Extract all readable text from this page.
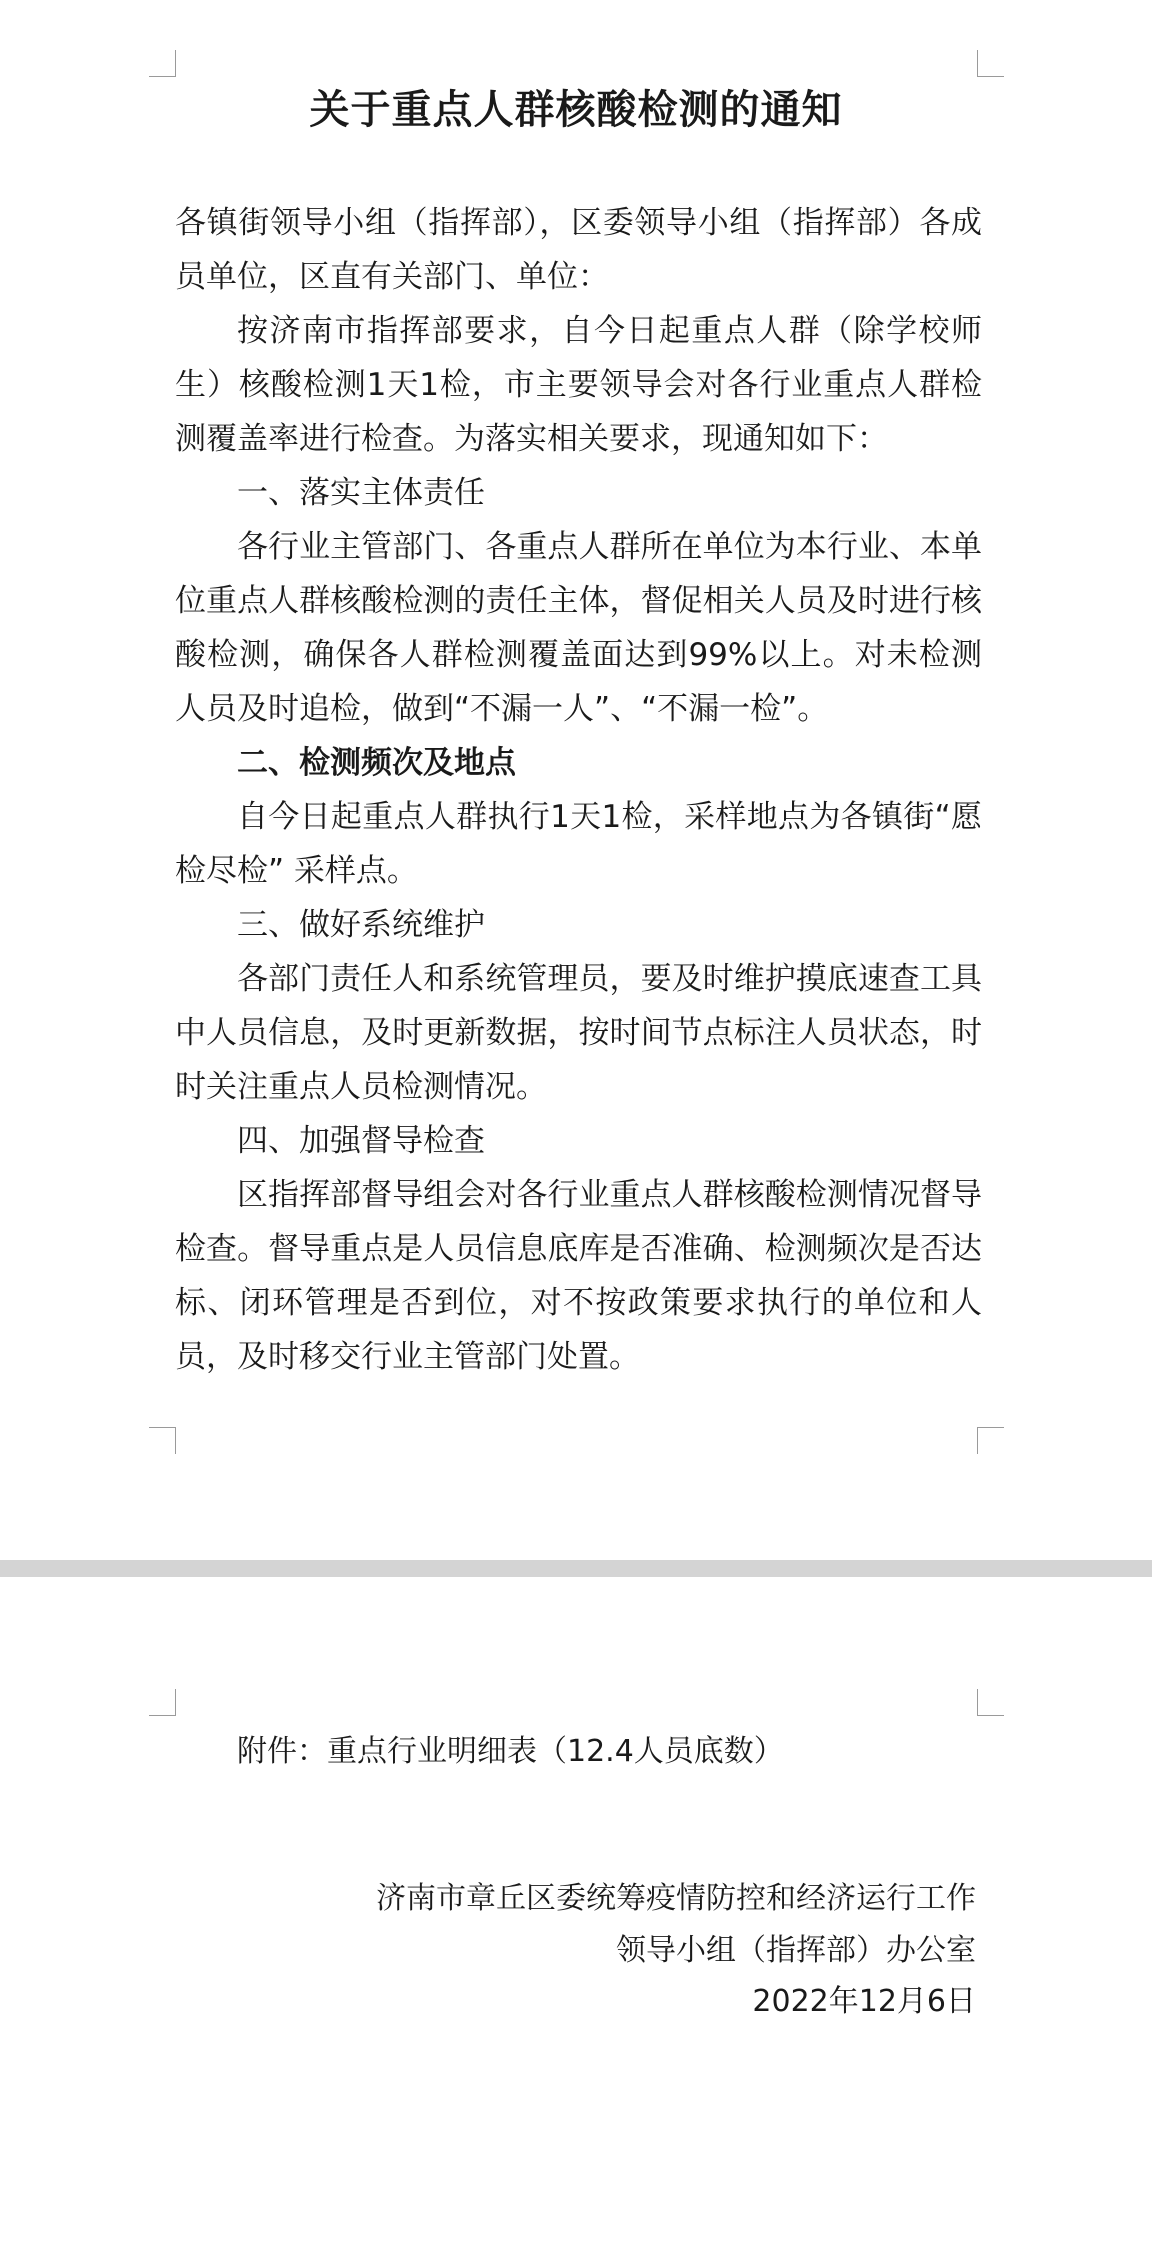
关于重点人群核酸检测的通知

各镇街领导小组（指挥部），区委领导小组（指挥部）各成员单位，区直有关部门、单位：

按济南市指挥部要求，自今日起重点人群（除学校师生）核酸检测1天1检，市主要领导会对各行业重点人群检测覆盖率进行检查。为落实相关要求，现通知如下：

一、落实主体责任

各行业主管部门、各重点人群所在单位为本行业、本单位重点人群核酸检测的责任主体，督促相关人员及时进行核酸检测，确保各人群检测覆盖面达到99%以上。对未检测人员及时追检，做到“不漏一人”、“不漏一检”。

二、检测频次及地点

自今日起重点人群执行1天1检，采样地点为各镇街“愿检尽检” 采样点。

三、做好系统维护

各部门责任人和系统管理员，要及时维护摸底速查工具中人员信息，及时更新数据，按时间节点标注人员状态，时时关注重点人员检测情况。

四、加强督导检查

区指挥部督导组会对各行业重点人群核酸检测情况督导检查。督导重点是人员信息底库是否准确、检测频次是否达标、闭环管理是否到位，对不按政策要求执行的单位和人员，及时移交行业主管部门处置。

附件：重点行业明细表（12.4人员底数）

济南市章丘区委统筹疫情防控和经济运行工作

领导小组（指挥部）办公室

2022年12月6日
